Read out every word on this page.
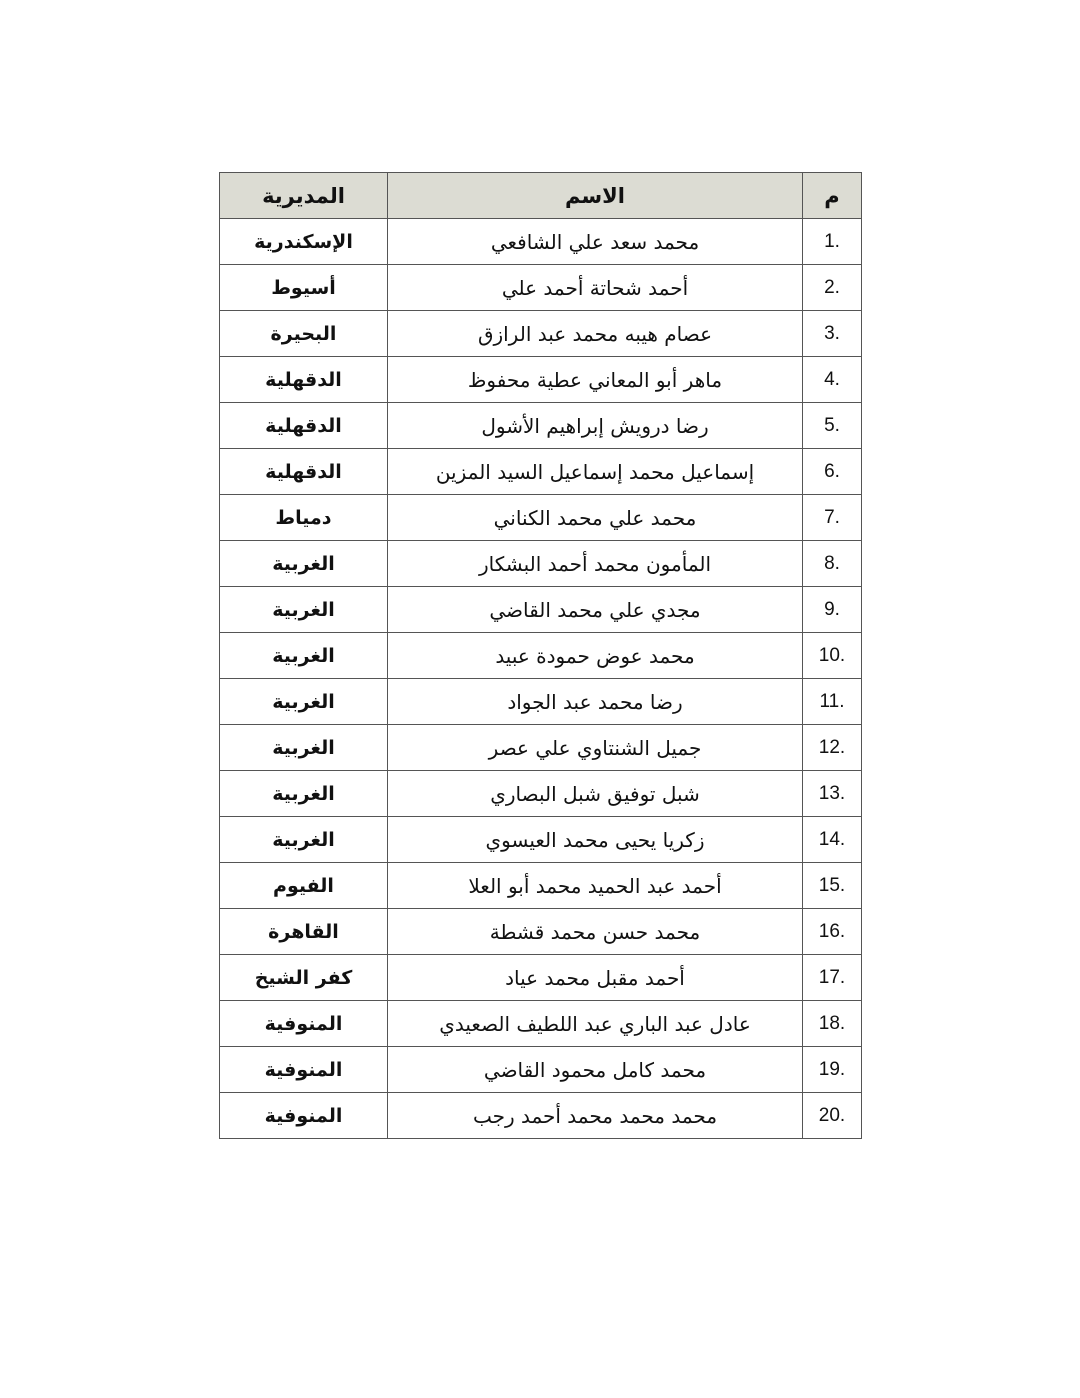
م	الاسم	المديرية
1.	محمد سعد علي الشافعي	الإسكندرية
2.	أحمد شحاتة أحمد علي	أسيوط
3.	عصام هيبه محمد عبد الرازق	البحيرة
4.	ماهر أبو المعاني عطية محفوظ	الدقهلية
5.	رضا درويش إبراهيم الأشول	الدقهلية
6.	إسماعيل محمد إسماعيل السيد المزين	الدقهلية
7.	محمد علي محمد الكناني	دمياط
8.	المأمون محمد أحمد البشكار	الغربية
9.	مجدي علي محمد القاضي	الغربية
10.	محمد عوض حمودة عبيد	الغربية
11.	رضا محمد عبد الجواد	الغربية
12.	جميل الشنتاوي علي عصر	الغربية
13.	شبل توفيق شبل البصاري	الغربية
14.	زكريا يحيى محمد العيسوي	الغربية
15.	أحمد عبد الحميد محمد أبو العلا	الفيوم
16.	محمد حسن محمد قشطة	القاهرة
17.	أحمد مقبل محمد عياد	كفر الشيخ
18.	عادل عبد الباري عبد اللطيف الصعيدي	المنوفية
19.	محمد كامل محمود القاضي	المنوفية
20.	محمد محمد محمد أحمد رجب	المنوفية
